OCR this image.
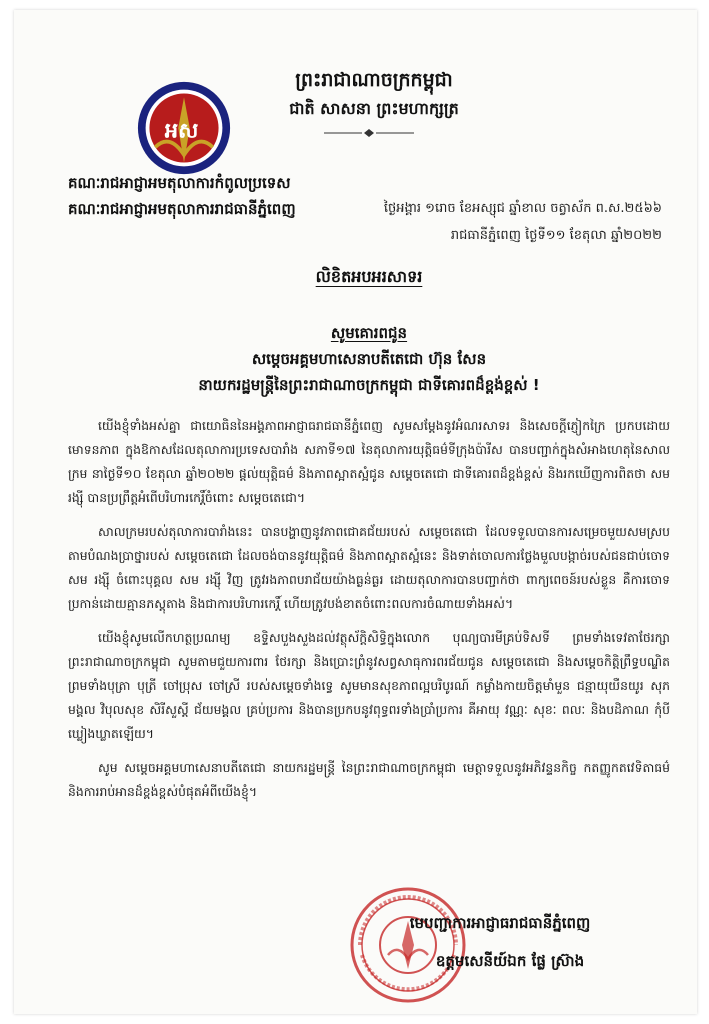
អស
ព្រះរាជាណាចក្រកម្ពុជា
ជាតិ សាសនា ព្រះមហាក្សត្រ
គណៈរាជអាជ្ញាអមតុលាការកំពូលប្រទេស
គណៈរាជអាជ្ញាអមតុលាការរាជធានីភ្នំពេញ	ថ្ងៃអង្គារ ១រោច ខែអស្សុជ ឆ្នាំខាល ចត្វាស័ក ព.ស.២៥៦៦
រាជធានីភ្នំពេញ ថ្ងៃទី១១ ខែតុលា ឆ្នាំ២០២២
លិខិតអបអរសាទរ
សូមគោរពជូន
សម្តេចអគ្គមហាសេនាបតីតេជោ ហ៊ុន សែន
នាយករដ្ឋមន្ត្រីនៃព្រះរាជាណាចក្រកម្ពុជា ជាទីគោរពដ៏ខ្ពង់ខ្ពស់ !

យើងខ្ញុំទាំងអស់គ្នា ជាយោធិននៃអង្គភាពអាជ្ញាធរាជធានីភ្នំពេញ សូមសម្តែងនូវអំណរសាទរ និងសេចក្តីភ្ញៀកក្រៃ ប្រកបដោយមោទនភាព ក្នុងឱកាសដែលតុលាការប្រទេសបារាំង សភាទី១៧ នៃតុលាការយុត្តិធម៌ទីក្រុងប៉ារីស បានបញ្ជាក់ក្នុងសំអាងហេតុនៃសាលក្រម នាថ្ងៃទី១០ ខែតុលា ឆ្នាំ២០២២ ផ្តល់យុត្តិធម៌ និងភាពស្អាតស្អំជូន សម្តេចតេជោ ជាទីគោរពដ៏ខ្ពង់ខ្ពស់ និងរកឃើញការពិតថា សម រង្ស៊ី បានប្រព្រឹត្តអំពើបរិហារកេរ្តិ៍ចំពោះ សម្តេចតេជោ។

សាលក្រមរបស់តុលាការបារាំងនេះ បានបង្ហាញនូវភាពជោគជ័យរបស់ សម្តេចតេជោ ដែលទទួលបានការសម្រេចមួយសមស្របតាមបំណងប្រាថ្នារបស់ សម្តេចតេជោ ដែលចង់បាននូវយុត្តិធម៌ និងភាពស្អាតស្អំនេះ និងទាត់ចោលការថ្លែងមួលបង្កាច់របស់ជនជាប់ចោទ សម រង្ស៊ី ចំពោះបុគ្គល សម រង្ស៊ី វិញ ត្រូវរងភាពបរាជ័យយ៉ាងធ្ងន់ធ្ងរ ដោយតុលាការបានបញ្ជាក់ថា ពាក្យពេចន៍របស់ខ្លួន គឺការចោទប្រកាន់ដោយគ្មានភស្តុតាង និងជាការបរិហារកេរ្តិ៍ ហើយត្រូវបង់ខាតចំពោះពលការចំណាយទាំងអស់។

យើងខ្ញុំសូមលើកហត្ថប្រណម្យ ឧទ្ទិសបួងសួងដល់វត្ថុស័ក្តិសិទ្ធិក្នុងលោក បុណ្យបារមីគ្រប់ទិសទី ព្រមទាំងទេវតាថែរក្សាព្រះរាជាណាចក្រកម្ពុជា សូមតាមជួយការពារ ថែរក្សា និងប្រោះព្រំនូវសព្វសាធុការពរជ័យជូន សម្តេចតេជោ និងសម្តេចកិត្តិព្រឹទ្ធបណ្ឌិត ព្រមទាំងបុត្រា បុត្រី ចៅប្រុស ចៅស្រី របស់សម្តេចទាំងទ្វេ សូមមានសុខភាពល្អបរិបូរណ៍ កម្លាំងកាយចិត្តមាំមួន ជន្មាយុយឺនយូរ សុភមង្គល វិបុលសុខ សិរីសួស្តី ជ័យមង្គល គ្រប់ប្រការ និងបានប្រកបនូវពុទ្ធពរទាំងប្រាំប្រការ គឺអាយុ វណ្ណៈ សុខៈ ពលៈ និងបដិភាណ កុំបីឃ្លៀងឃ្លាតឡើយ។

សូម សម្តេចអគ្គមហាសេនាបតីតេជោ នាយករដ្ឋមន្ត្រី នៃព្រះរាជាណាចក្រកម្ពុជា មេត្តាទទួលនូវអភិវន្ទនកិច្ច កតញ្ញូកតវេទិតាធម៌ និងការរាប់អានដ៏ខ្ពង់ខ្ពស់បំផុតអំពីយើងខ្ញុំ។

មេបញ្ជាការអាជ្ញាធរាជធានីភ្នំពេញ
ឧត្តមសេនីយ៍ឯក ផ្លែ ស្រ៊ាង
